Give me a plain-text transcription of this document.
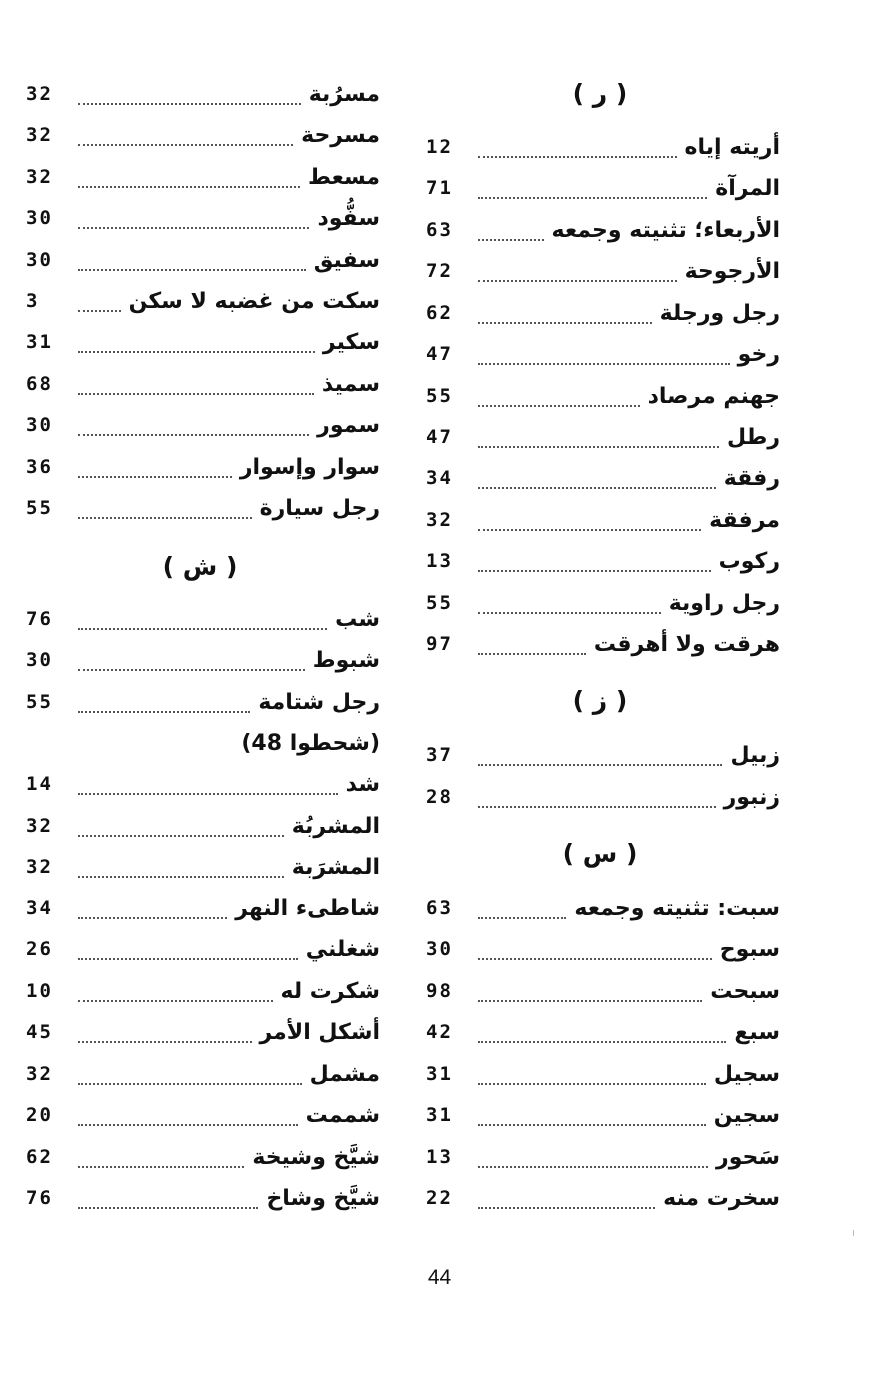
( ر )
أريته إياه
12
المرآة
71
الأربعاء؛ تثنيته وجمعه
63
الأرجوحة
72
رجل ورجلة
62
رخو
47
جهنم مرصاد
55
رطل
47
رفقة
34
مرفقة
32
ركوب
13
رجل راوية
55
هرقت ولا أهرقت
97
( ز )
زبيل
37
زنبور
28
( س )
سبت: تثنيته وجمعه
63
سبوح
30
سبحت
98
سبع
42
سجيل
31
سجين
31
سَحور
13
سخرت منه
22
مسرُبة
32
مسرحة
32
مسعط
32
سفُّود
30
سفيق
30
سكت من غضبه لا سكن
3
سكير
31
سميذ
68
سمور
30
سوار وإسوار
36
رجل سيارة
55
( ش )
شب
76
شبوط
30
رجل شتامة
55
(شحطوا 48)
شد
14
المشربُة
32
المشرَبة
32
شاطىء النهر
34
شغلني
26
شكرت له
10
أشكل الأمر
45
مشمل
32
شممت
20
شيَّخ وشيخة
62
شيَّخ وشاخ
76
44
